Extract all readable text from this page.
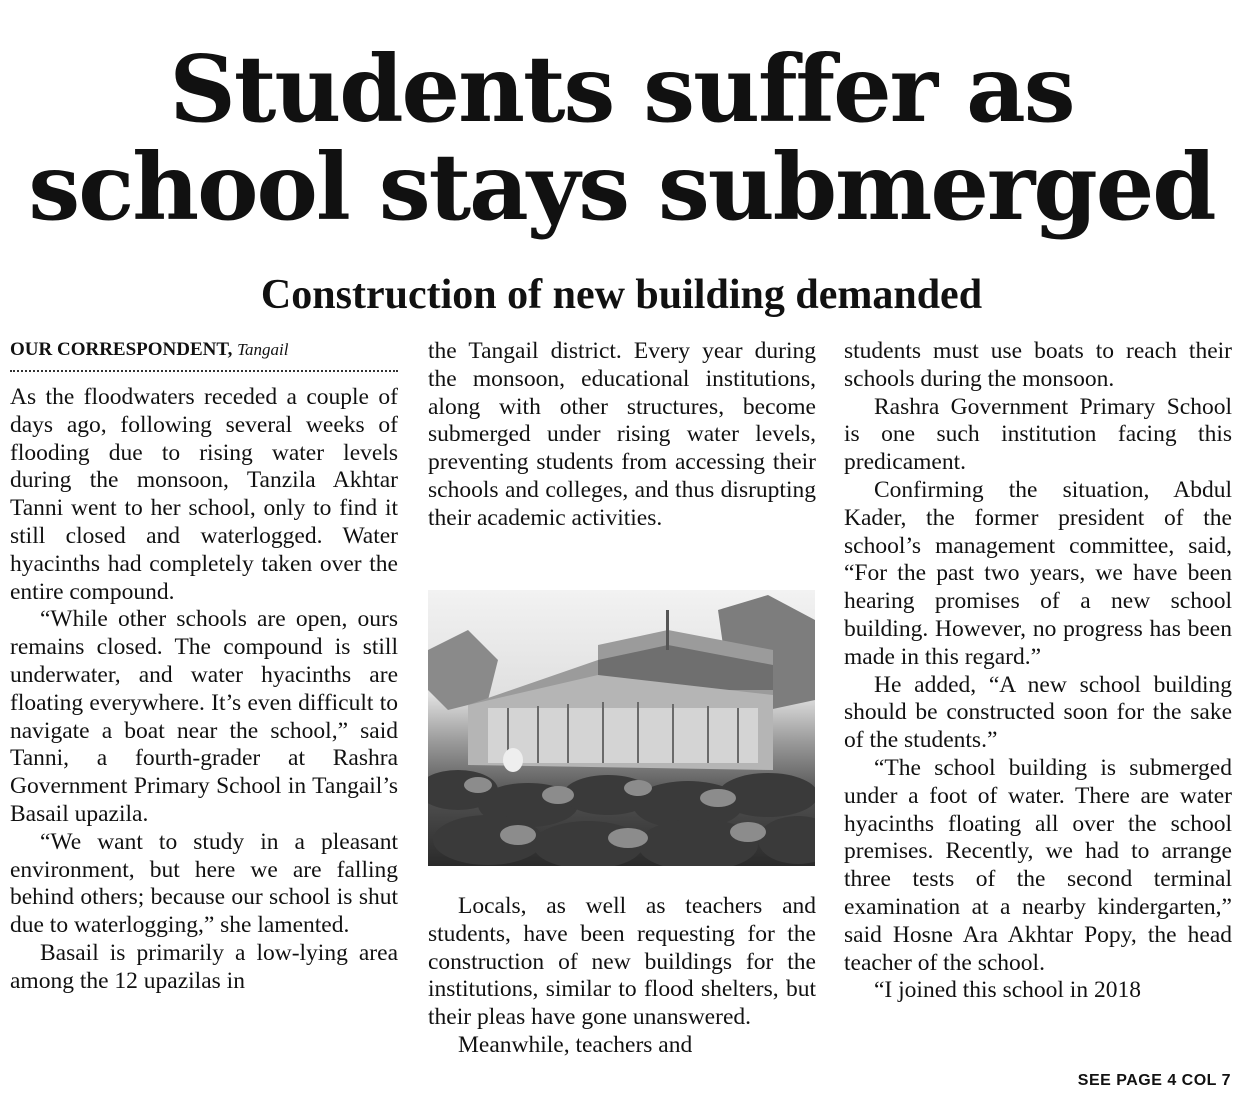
Students suffer as
school stays submerged
Construction of new building demanded
OUR CORRESPONDENT, Tangail

As the floodwaters receded a couple of days ago, following several weeks of flooding due to rising water levels during the monsoon, Tanzila Akhtar Tanni went to her school, only to find it still closed and waterlogged. Water hyacinths had completely taken over the entire compound.

“While other schools are open, ours remains closed. The compound is still underwater, and water hyacinths are floating everywhere. It’s even difficult to navigate a boat near the school,” said Tanni, a fourth-grader at Rashra Government Primary School in Tangail’s Basail upazila.

“We want to study in a pleasant environment, but here we are falling behind others; because our school is shut due to waterlogging,” she lamented.

Basail is primarily a low-lying area among the 12 upazilas in

the Tangail district. Every year during the monsoon, educational institutions, along with other structures, become submerged under rising water levels, preventing students from accessing their schools and colleges, and thus disrupting their academic activities.

Locals, as well as teachers and students, have been requesting for the construction of new buildings for the institutions, similar to flood shelters, but their pleas have gone unanswered.

Meanwhile, teachers and

students must use boats to reach their schools during the monsoon.

Rashra Government Primary School is one such institution facing this predicament.

Confirming the situation, Abdul Kader, the former president of the school’s management committee, said, “For the past two years, we have been hearing promises of a new school building. However, no progress has been made in this regard.”

He added, “A new school building should be constructed soon for the sake of the students.”

“The school building is submerged under a foot of water. There are water hyacinths floating all over the school premises. Recently, we had to arrange three tests of the second terminal examination at a nearby kindergarten,” said Hosne Ara Akhtar Popy, the head teacher of the school.

“I joined this school in 2018

SEE PAGE 4 COL 7
